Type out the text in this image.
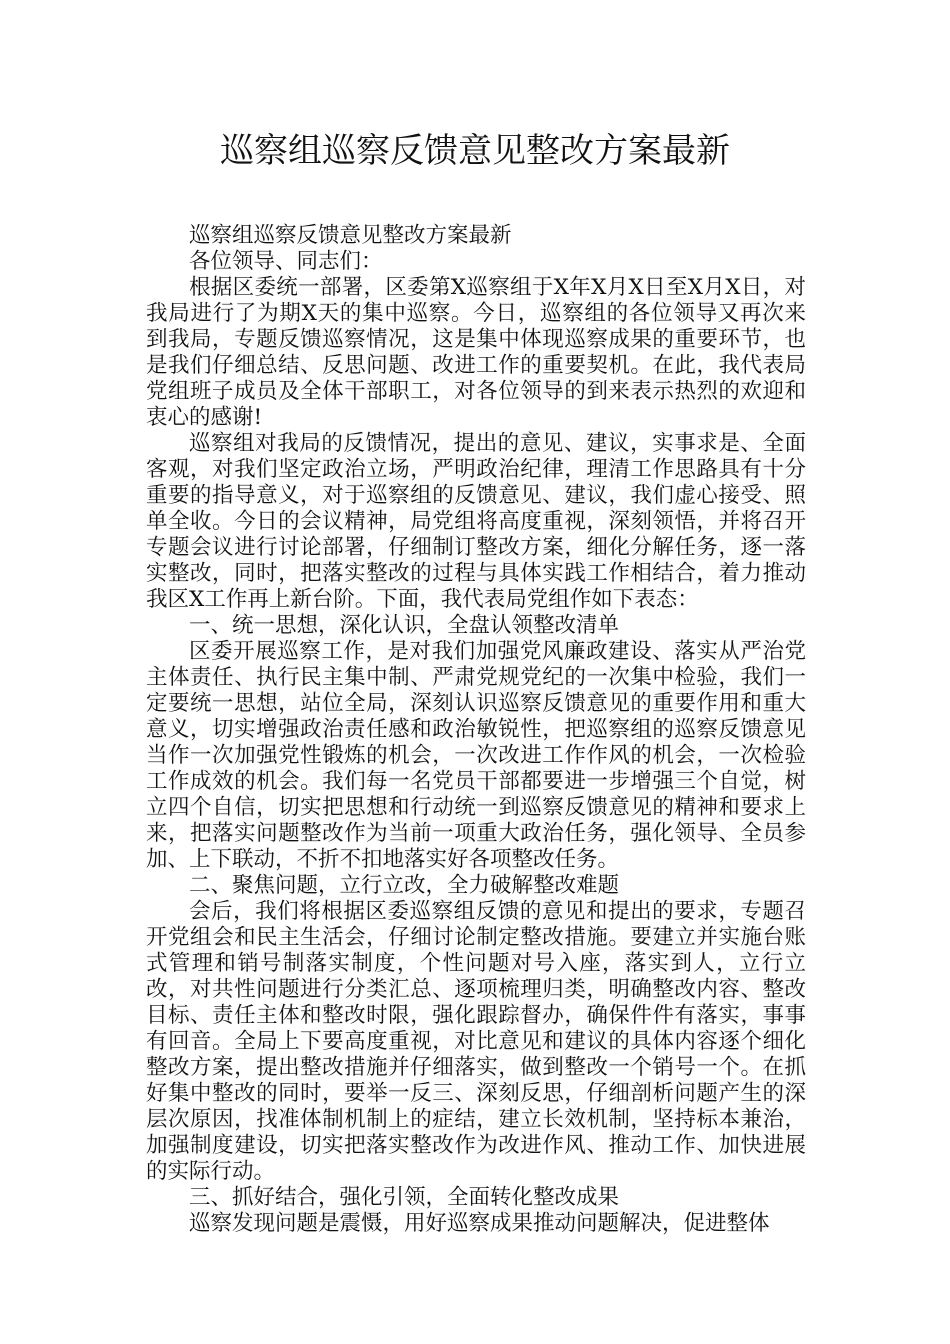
巡察组巡察反馈意见整改方案最新

巡察组巡察反馈意见整改方案最新

各位领导、同志们：

根据区委统一部署，区委第X巡察组于X年X月X日至X月X日，对我局进行了为期X天的集中巡察。今日，巡察组的各位领导又再次来到我局，专题反馈巡察情况，这是集中体现巡察成果的重要环节，也是我们仔细总结、反思问题、改进工作的重要契机。在此，我代表局党组班子成员及全体干部职工，对各位领导的到来表示热烈的欢迎和衷心的感谢!

巡察组对我局的反馈情况，提出的意见、建议，实事求是、全面客观，对我们坚定政治立场，严明政治纪律，理清工作思路具有十分重要的指导意义，对于巡察组的反馈意见、建议，我们虚心接受、照单全收。今日的会议精神，局党组将高度重视，深刻领悟，并将召开专题会议进行讨论部署，仔细制订整改方案，细化分解任务，逐一落实整改，同时，把落实整改的过程与具体实践工作相结合，着力推动我区X工作再上新台阶。下面，我代表局党组作如下表态：

一、统一思想，深化认识，全盘认领整改清单

区委开展巡察工作，是对我们加强党风廉政建设、落实从严治党主体责任、执行民主集中制、严肃党规党纪的一次集中检验，我们一定要统一思想，站位全局，深刻认识巡察反馈意见的重要作用和重大意义，切实增强政治责任感和政治敏锐性，把巡察组的巡察反馈意见当作一次加强党性锻炼的机会，一次改进工作作风的机会，一次检验工作成效的机会。我们每一名党员干部都要进一步增强三个自觉，树立四个自信，切实把思想和行动统一到巡察反馈意见的精神和要求上来，把落实问题整改作为当前一项重大政治任务，强化领导、全员参加、上下联动，不折不扣地落实好各项整改任务。

二、聚焦问题，立行立改，全力破解整改难题

会后，我们将根据区委巡察组反馈的意见和提出的要求，专题召开党组会和民主生活会，仔细讨论制定整改措施。要建立并实施台账式管理和销号制落实制度，个性问题对号入座，落实到人，立行立改，对共性问题进行分类汇总、逐项梳理归类，明确整改内容、整改目标、责任主体和整改时限，强化跟踪督办，确保件件有落实，事事有回音。全局上下要高度重视，对比意见和建议的具体内容逐个细化整改方案，提出整改措施并仔细落实，做到整改一个销号一个。在抓好集中整改的同时，要举一反三、深刻反思，仔细剖析问题产生的深层次原因，找准体制机制上的症结，建立长效机制，坚持标本兼治，加强制度建设，切实把落实整改作为改进作风、推动工作、加快进展的实际行动。

三、抓好结合，强化引领，全面转化整改成果

巡察发现问题是震慑，用好巡察成果推动问题解决，促进整体
